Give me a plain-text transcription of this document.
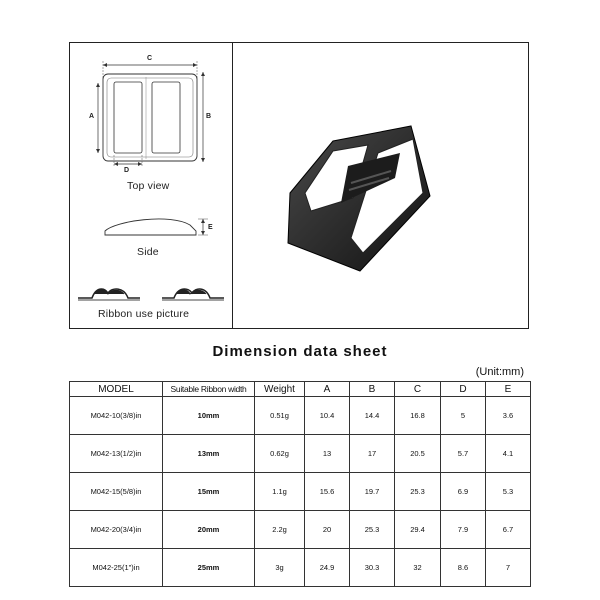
C
A	B
D
E
Top view
Side
Ribbon use picture
Dimension data sheet
(Unit:mm)
MODEL	Suitable Ribbon width	Weight	A	B	C	D	E
M042-10(3/8)in	10mm	0.51g	10.4	14.4	16.8	5	3.6
M042-13(1/2)in	13mm	0.62g	13	17	20.5	5.7	4.1
M042-15(5/8)in	15mm	1.1g	15.6	19.7	25.3	6.9	5.3
M042-20(3/4)in	20mm	2.2g	20	25.3	29.4	7.9	6.7
M042-25(1")in	25mm	3g	24.9	30.3	32	8.6	7
